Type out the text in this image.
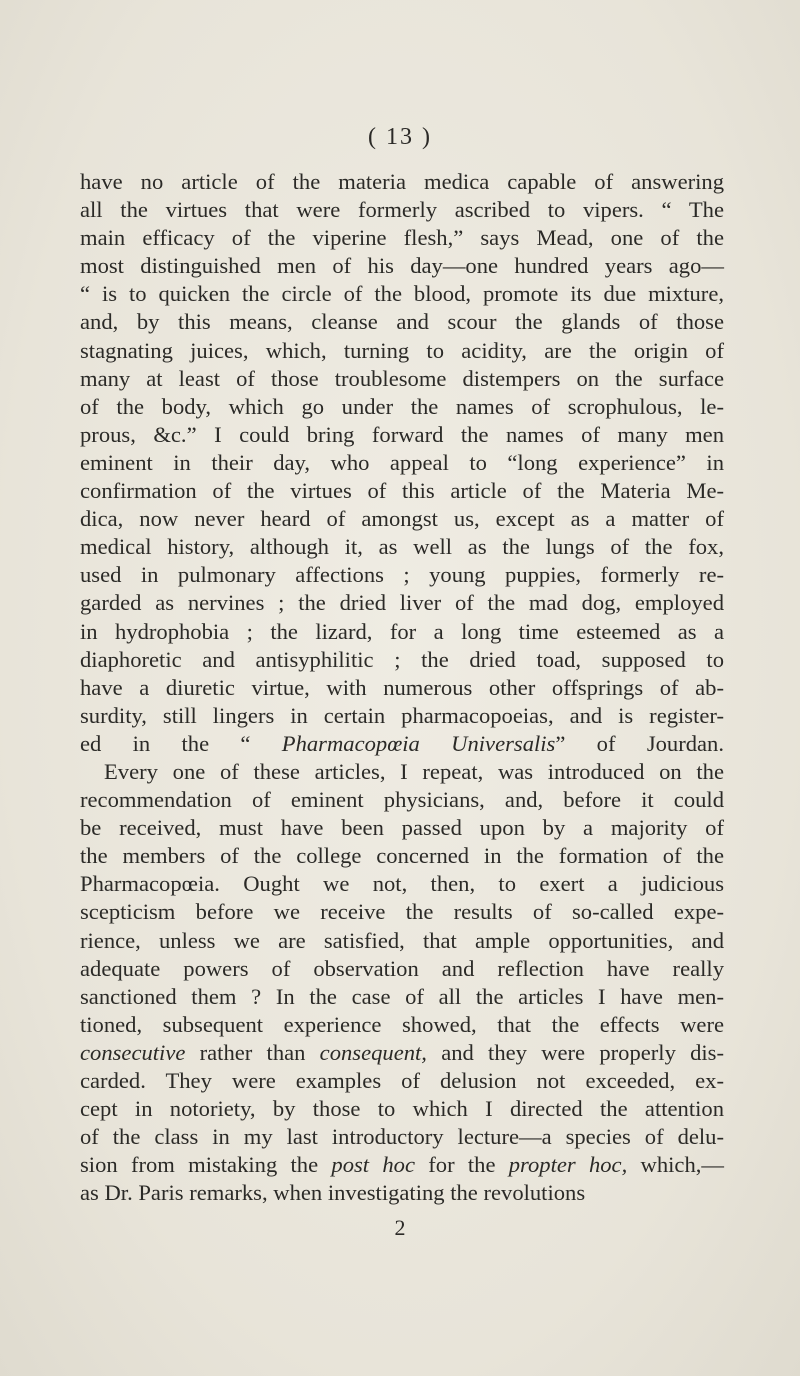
( 13 )
have no article of the materia medica capable of answering
all the virtues that were formerly ascribed to vipers. “ The
main efficacy of the viperine flesh,” says Mead, one of the
most distinguished men of his day—one hundred years ago—
“ is to quicken the circle of the blood, promote its due mixture,
and, by this means, cleanse and scour the glands of those
stagnating juices, which, turning to acidity, are the origin of
many at least of those troublesome distempers on the surface
of the body, which go under the names of scrophulous, le-
prous, &c.” I could bring forward the names of many men
eminent in their day, who appeal to “long experience” in
confirmation of the virtues of this article of the Materia Me-
dica, now never heard of amongst us, except as a matter of
medical history, although it, as well as the lungs of the fox,
used in pulmonary affections ; young puppies, formerly re-
garded as nervines ; the dried liver of the mad dog, employed
in hydrophobia ; the lizard, for a long time esteemed as a
diaphoretic and antisyphilitic ; the dried toad, supposed to
have a diuretic virtue, with numerous other offsprings of ab-
surdity, still lingers in certain pharmacopoeias, and is register-
ed in the “ Pharmacopœia Universalis” of Jourdan.
Every one of these articles, I repeat, was introduced on the
recommendation of eminent physicians, and, before it could
be received, must have been passed upon by a majority of
the members of the college concerned in the formation of the
Pharmacopœia. Ought we not, then, to exert a judicious
scepticism before we receive the results of so-called expe-
rience, unless we are satisfied, that ample opportunities, and
adequate powers of observation and reflection have really
sanctioned them ? In the case of all the articles I have men-
tioned, subsequent experience showed, that the effects were
consecutive rather than consequent, and they were properly dis-
carded. They were examples of delusion not exceeded, ex-
cept in notoriety, by those to which I directed the attention
of the class in my last introductory lecture—a species of delu-
sion from mistaking the post hoc for the propter hoc, which,—
as Dr. Paris remarks, when investigating the revolutions
2
